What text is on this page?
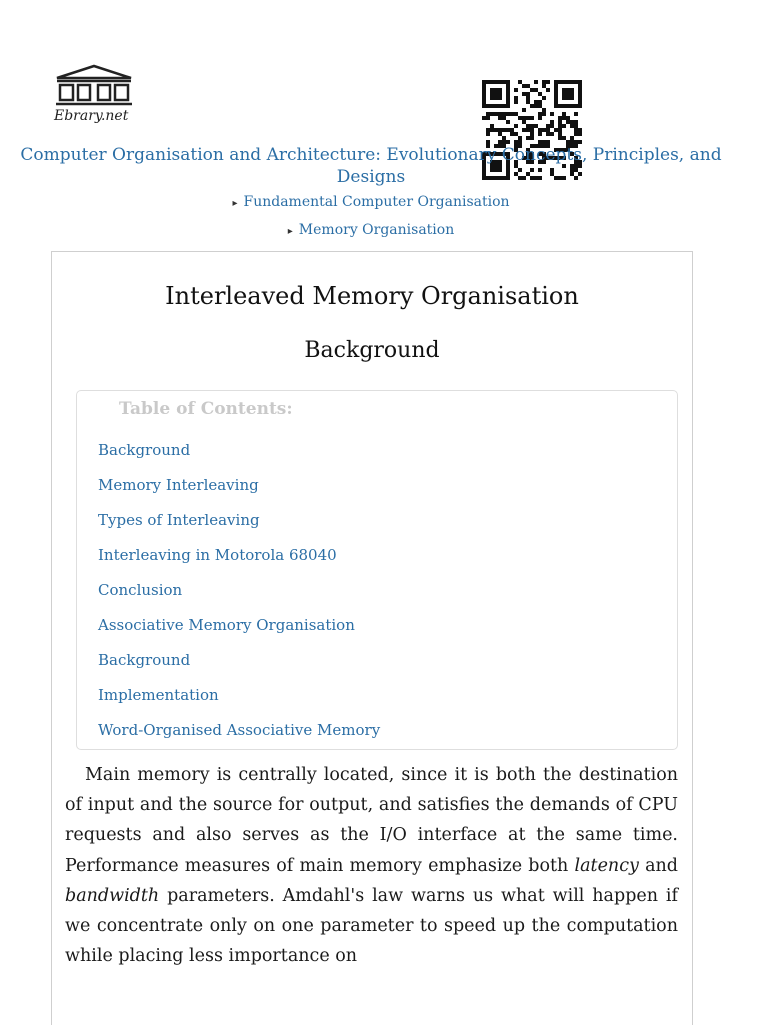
Ebrary.net
Computer Organisation and Architecture: Evolutionary Concepts, Principles, and Designs
▸ Fundamental Computer Organisation
▸ Memory Organisation
Interleaved Memory Organisation
Background
Table of Contents:
Background
Memory Interleaving
Types of Interleaving
Interleaving in Motorola 68040
Conclusion
Associative Memory Organisation
Background
Implementation
Word-Organised Associative Memory

Main memory is centrally located, since it is both the destination of input and the source for output, and satisfies the demands of CPU requests and also serves as the I/O interface at the same time. Performance measures of main memory emphasize both latency and bandwidth parameters. Amdahl's law warns us what will happen if we concentrate only on one parameter to speed up the computation while placing less importance on
